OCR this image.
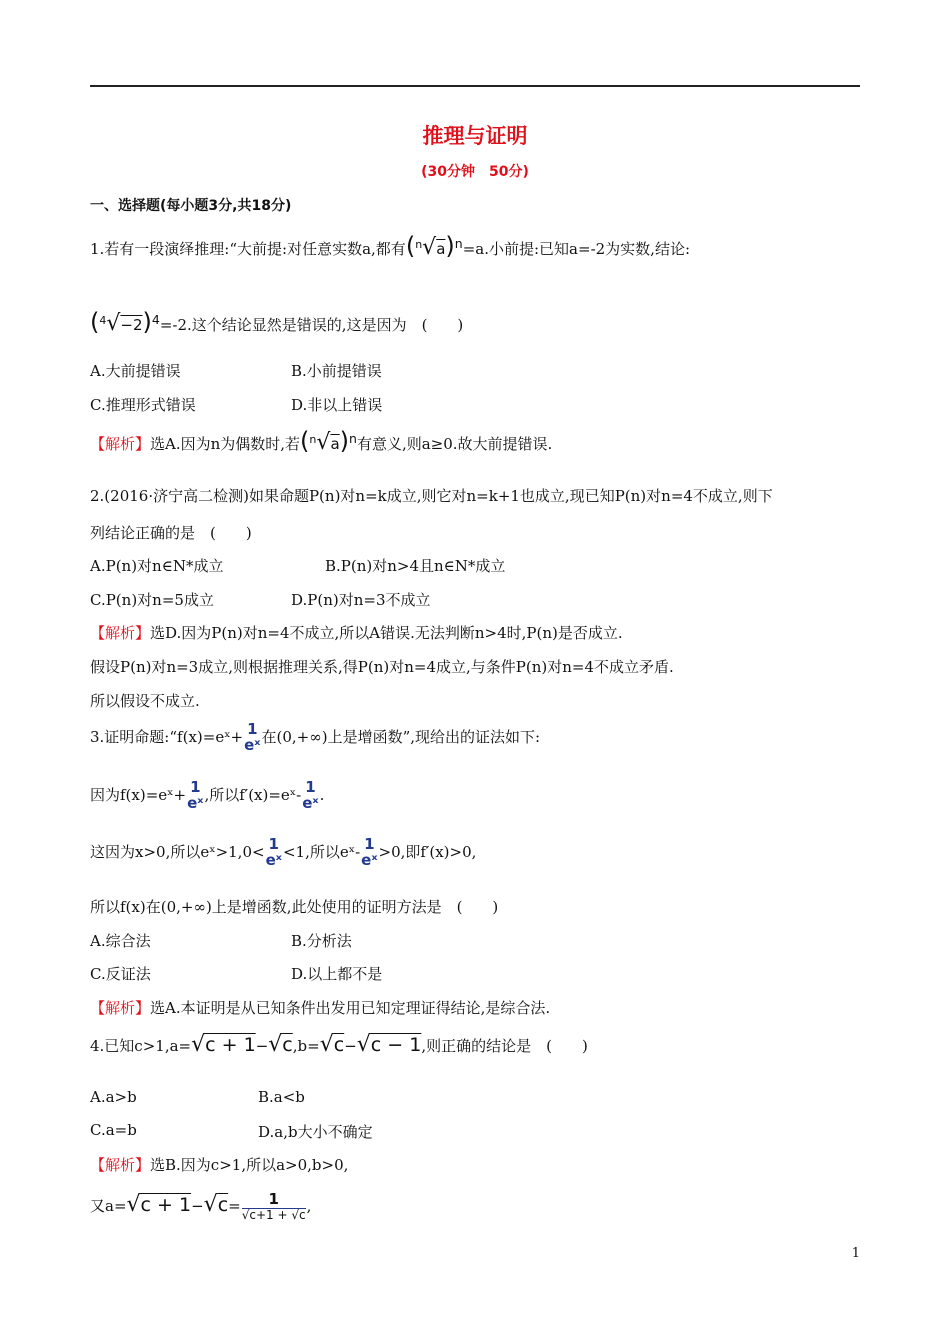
推理与证明
(30分钟　50分)
一、选择题(每小题3分,共18分)
1.若有一段演绎推理:“大前提:对任意实数a,都有$(^n√a)^n=a$.小前提:已知a=-2为实数,结论:
$(^4√-2)^4=-2$.这个结论显然是错误的,这是因为　(　　)
A.大前提错误	B.小前提错误
C.推理形式错误	D.非以上错误
【解析】选A.因为n为偶数时,若$(^n√a)^n$有意义,则a≥0.故大前提错误.
2.(2016·济宁高二检测)如果命题P(n)对n=k成立,则它对n=k+1也成立,现已知P(n)对n=4不成立,则下
列结论正确的是　(　　)
A.P(n)对n∈N*成立	B.P(n)对n>4且n∈N*成立
C.P(n)对n=5成立	D.P(n)对n=3不成立
【解析】选D.因为P(n)对n=4不成立,所以A错误.无法判断n>4时,P(n)是否成立.
假设P(n)对n=3成立,则根据推理关系,得P(n)对n=4成立,与条件P(n)对n=4不成立矛盾.
所以假设不成立.
3.证明命题:“f(x)=eˣ+ 1
eˣ 在(0,+∞)上是增函数”,现给出的证法如下:
因为f(x)=eˣ+ 1
eˣ ,所以f′(x)=eˣ- 1
eˣ .
这因为x>0,所以eˣ>1,0< 1
eˣ <1,所以eˣ- 1
eˣ >0,即f′(x)>0,
所以f(x)在(0,+∞)上是增函数,此处使用的证明方法是　(　　)
A.综合法	B.分析法
C.反证法	D.以上都不是
【解析】选A.本证明是从已知条件出发用已知定理证得结论,是综合法.
4.已知c>1,a=√c + 1−√c,b=√c−√c − 1,则正确的结论是　(　　)
A.a>b	B.a<b
C.a=b	D.a,b大小不确定
【解析】选B.因为c>1,所以a>0,b>0,
又$a=√c + 1-√c= \frac{1}{√c+1 + √c}$ ,
1
